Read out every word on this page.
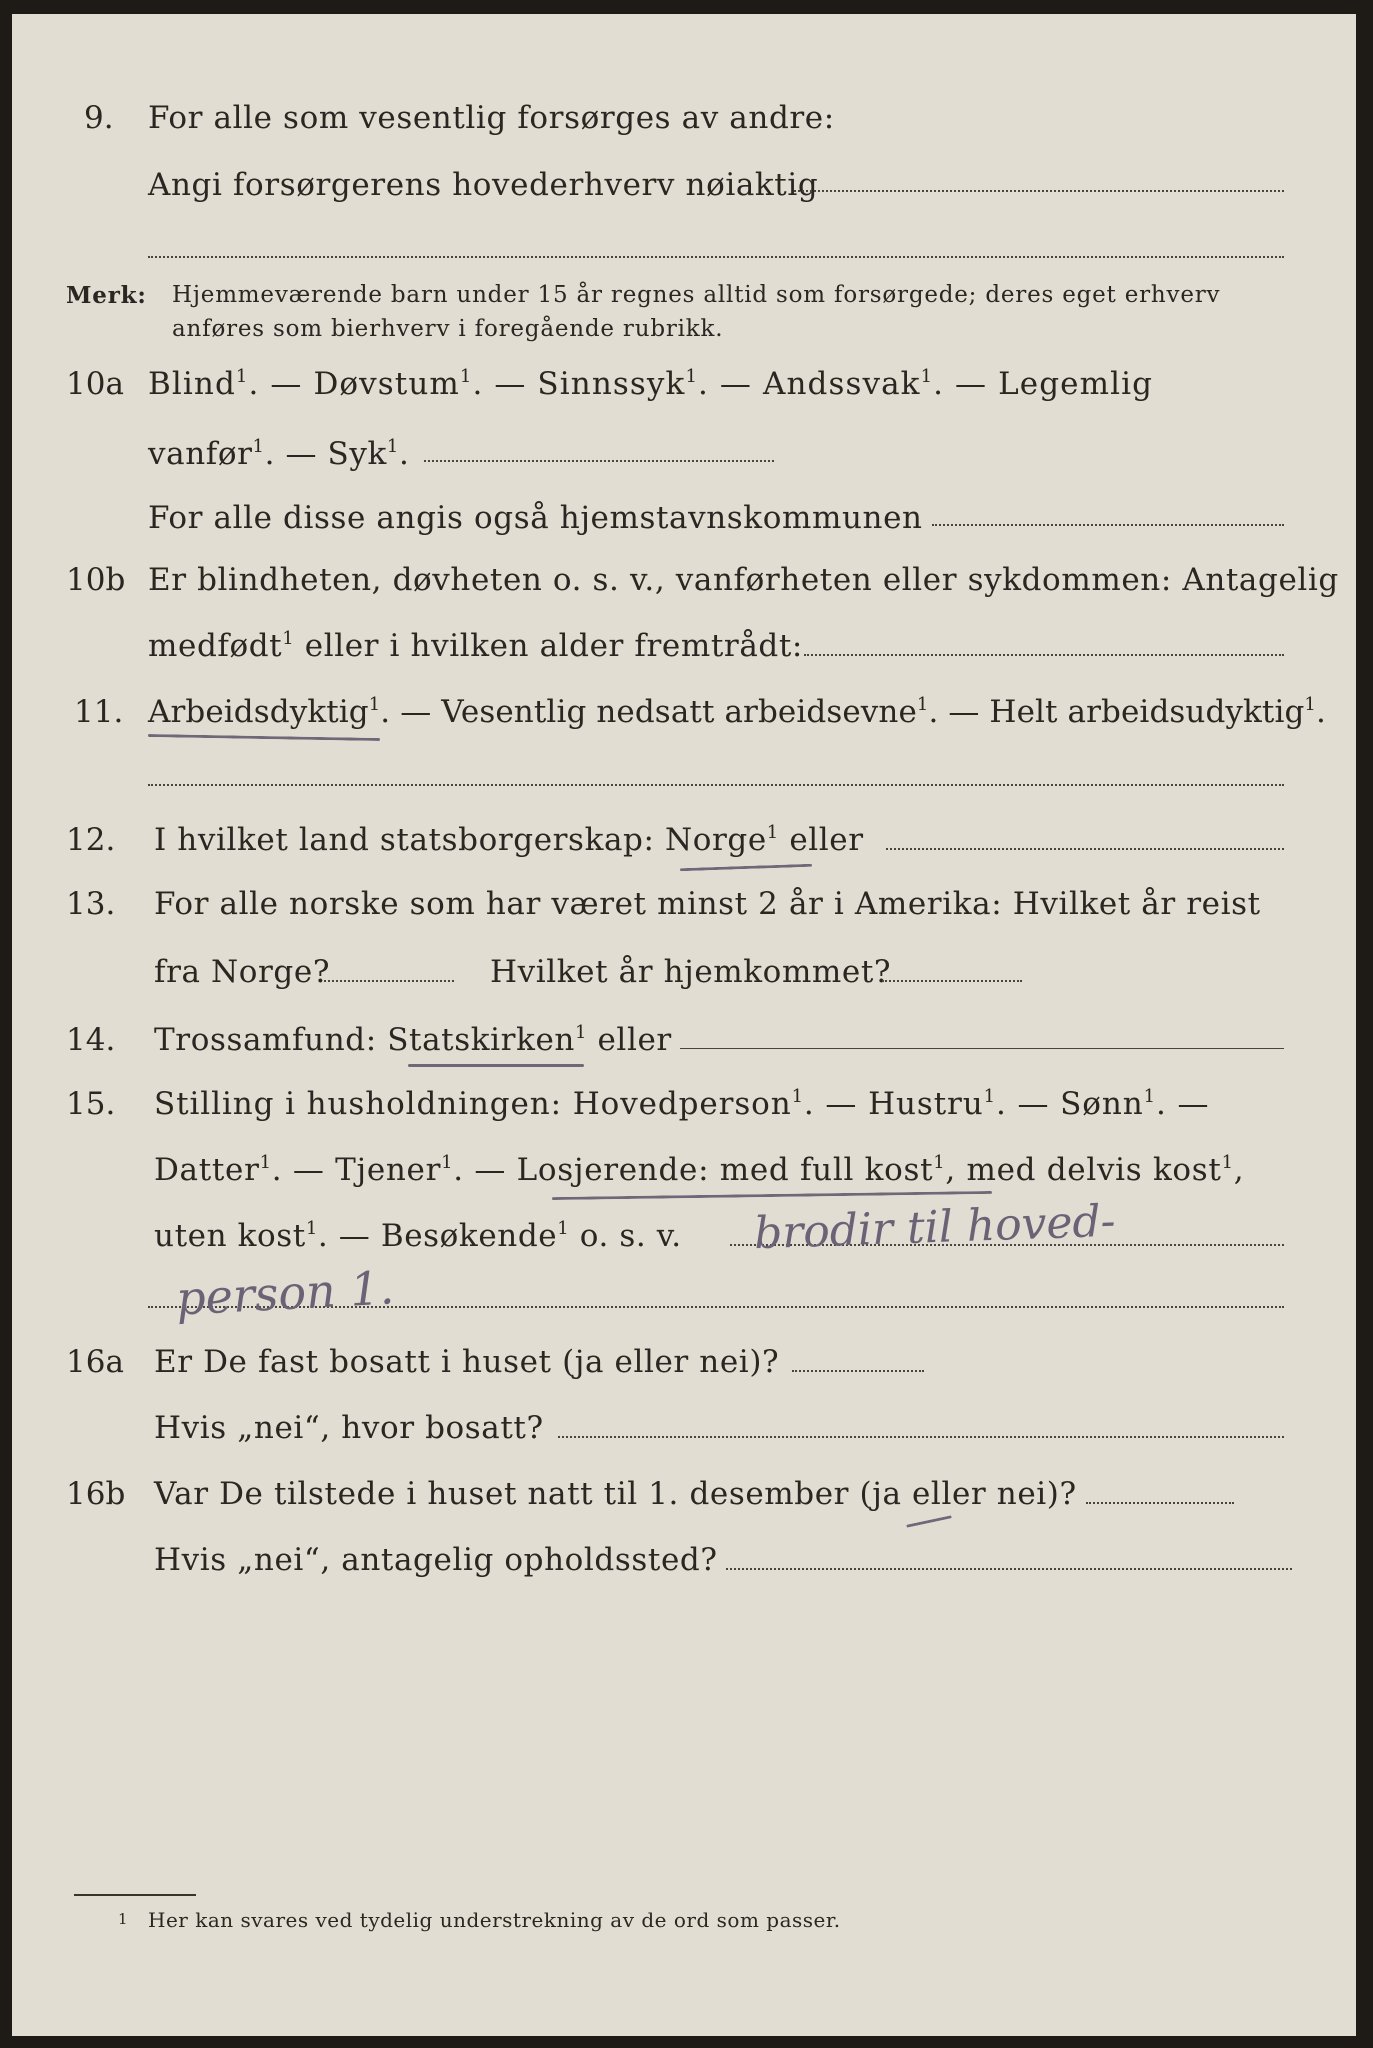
9. For alle som vesentlig forsørges av andre:
Angi forsørgerens hovederhverv nøiaktig
Merk: Hjemmeværende barn under 15 år regnes alltid som forsørgede; deres eget erhverv
anføres som bierhverv i foregående rubrikk.
10a Blind$^1$. — Døvstum$^1$. — Sinnssyk$^1$. — Andssvak$^1$. — Legemlig
vanfør$^1$. — Syk$^1$.
For alle disse angis også hjemstavnskommunen
10b Er blindheten, døvheten o. s. v., vanførheten eller sykdommen: Antagelig
medfødt$^1$ eller i hvilken alder fremtrådt:
11. Arbeidsdyktig$^1$. — Vesentlig nedsatt arbeidsevne$^1$. — Helt arbeidsudyktig$^1$.
12. I hvilket land statsborgerskap: Norge$^1$ eller
13. For alle norske som har været minst 2 år i Amerika: Hvilket år reist
fra Norge?	Hvilket år hjemkommet?
14. Trossamfund: Statskirken$^1$ eller
15. Stilling i husholdningen: Hovedperson$^1$. — Hustru$^1$. — Sønn$^1$. —
Datter$^1$. — Tjener$^1$. — Losjerende: med full kost$^1$, med delvis kost$^1$,
uten kost$^1$. — Besøkende$^1$ o. s. v. brodir til hoved-
person 1.
16a Er De fast bosatt i huset (ja eller nei)?
Hvis „nei“, hvor bosatt?
16b Var De tilstede i huset natt til 1. desember (ja eller nei)?
Hvis „nei“, antagelig opholdssted?
1 Her kan svares ved tydelig understrekning av de ord som passer.
